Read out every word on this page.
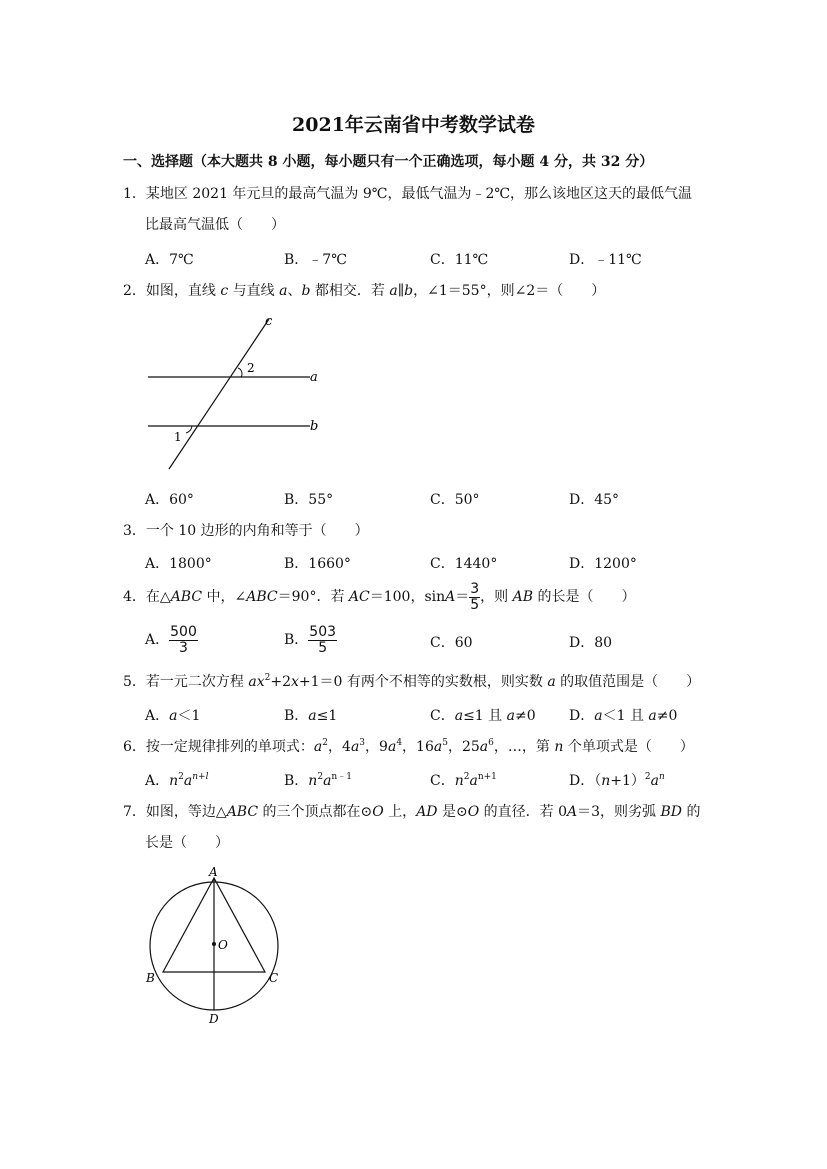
2021年云南省中考数学试卷
一、选择题（本大题共 8 小题，每小题只有一个正确选项，每小题 4 分，共 32 分）
1．某地区 2021 年元旦的最高气温为 9℃，最低气温为﹣2℃，那么该地区这天的最低气温
比最高气温低（　　）
A．7℃	B．﹣7℃	C．11℃	D．﹣11℃
2．如图，直线 c 与直线 a、b 都相交．若 a∥b，∠1＝55°，则∠2＝（　　）
c
a
b
2
1
A．60°	B．55°	C．50°	D．45°
3．一个 10 边形的内角和等于（　　）
A．1800°	B．1660°	C．1440°	D．1200°
4．在△ABC 中，∠ABC＝90°．若 AC＝100，$\sin A= \frac{3}{5}$ ，则 AB 的长是（　　）
A． $\frac{500}{3}$	B． $\frac{503}{5}$	C．60	D．80
5．若一元二次方程 $ax^2+2x+1=0$ 有两个不相等的实数根，则实数 a 的取值范围是（　　）
A．a＜1	B．a≤1	C．a≤1 且 a≠0 D．a＜1 且 a≠0
6．按一定规律排列的单项式：$a^2$，$4a^3$，$9a^4$，$16a^5$，$25a^6$，…，第 n 个单项式是（　　）
A．$n^2a^{n+l}$	B．$n^2a^{n﹣1}$	C．$n^2a^{n+1}$	D．$(n+1)^2a^n$
7．如图，等边△ABC 的三个顶点都在⊙O 上，AD 是⊙O 的直径．若 0A＝3，则劣弧 BD 的
长是（　　）
A
O
B	C
D
